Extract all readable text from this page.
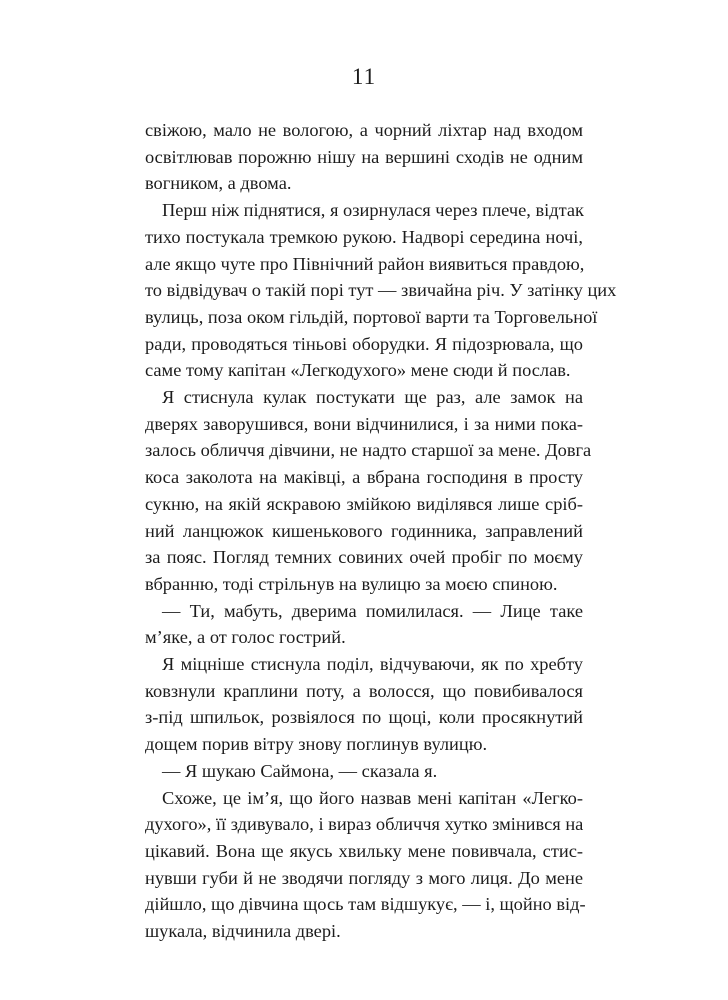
11

свіжою, мало не вологою, а чорний ліхтар над входом
освітлював порожню нішу на вершині сходів не одним
вогником, а двома.

Перш ніж піднятися, я озирнулася через плече, відтак
тихо постукала тремкою рукою. Надворі середина ночі,
але якщо чуте про Північний район виявиться правдою,
то відвідувач о такій порі тут — звичайна річ. У затінку цих
вулиць, поза оком гільдій, портової варти та Торговельної
ради, проводяться тіньові оборудки. Я підозрювала, що
саме тому капітан «Легкодухого» мене сюди й послав.

Я стиснула кулак постукати ще раз, але замок на
дверях заворушився, вони відчинилися, і за ними пока-
залось обличчя дівчини, не надто старшої за мене. Довга
коса заколота на маківці, а вбрана господиня в просту
сукню, на якій яскравою змійкою виділявся лише сріб-
ний ланцюжок кишенькового годинника, заправлений
за пояс. Погляд темних совиних очей пробіг по моєму
вбранню, тоді стрільнув на вулицю за моєю спиною.

— Ти, мабуть, дверима помилилася. — Лице таке
м’яке, а от голос гострий.

Я міцніше стиснула поділ, відчуваючи, як по хребту
ковзнули краплини поту, а волосся, що повибивалося
з-під шпильок, розвіялося по щоці, коли просякнутий
дощем порив вітру знову поглинув вулицю.

— Я шукаю Саймона, — сказала я.

Схоже, це ім’я, що його назвав мені капітан «Легко-
духого», її здивувало, і вираз обличчя хутко змінився на
цікавий. Вона ще якусь хвильку мене повивчала, стис-
нувши губи й не зводячи погляду з мого лиця. До мене
дійшло, що дівчина щось там відшукує, — і, щойно від-
шукала, відчинила двері.
